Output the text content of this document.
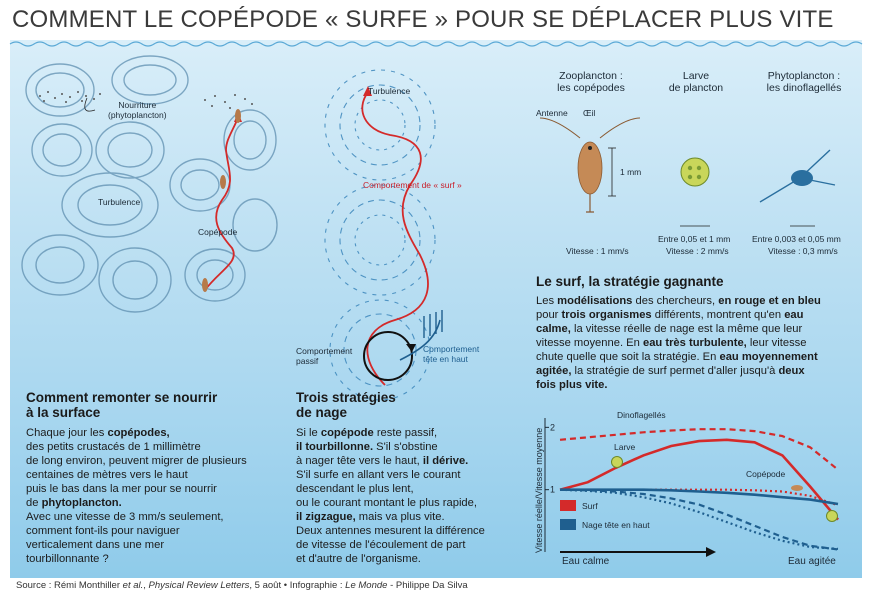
COMMENT LE COPÉPODE « SURFE » POUR SE DÉPLACER PLUS VITE
1
2
Vitesse réelle/Vitesse moyenne
Nourriture
(phytoplancton)
Turbulence
Copépode
Comment remonter se nourrir
à la surface
Chaque jour les copépodes,
des petits crustacés de 1 millimètre
de long environ, peuvent migrer de plusieurs
centaines de mètres vers le haut
puis le bas dans la mer pour se nourrir
de phytoplancton.
Avec une vitesse de 3 mm/s seulement,
comment font-ils pour naviguer
verticalement dans une mer
tourbillonnante ?
Turbulence
Comportement de « surf »
Comportement
passif
Comportement
tête en haut
Trois stratégies
de nage
Si le copépode reste passif,
il tourbillonne. S'il s'obstine
à nager tête vers le haut, il dérive.
S'il surfe en allant vers le courant
descendant le plus lent,
ou le courant montant le plus rapide,
il zigzague, mais va plus vite.
Deux antennes mesurent la différence
de vitesse de l'écoulement de part
et d'autre de l'organisme.
Zooplancton :
les copépodes
Larve
de plancton
Phytoplancton :
les dinoflagellés
Antenne Œil
1 mm
Vitesse : 1 mm/s
Entre 0,05 et 1 mm
Vitesse : 2 mm/s
Entre 0,003 et 0,05 mm
Vitesse : 0,3 mm/s
Le surf, la stratégie gagnante
Les modélisations des chercheurs, en rouge et en bleu
pour trois organismes différents, montrent qu'en eau
calme, la vitesse réelle de nage est la même que leur
vitesse moyenne. En eau très turbulente, leur vitesse
chute quelle que soit la stratégie. En eau moyennement
agitée, la stratégie de surf permet d'aller jusqu'à deux
fois plus vite.
Dinoflagellés
Larve
Copépode
Surf
Nage tête en haut
Eau calme	Eau agitée
Source : Rémi Monthiller et al., Physical Review Letters, 5 août • Infographie : Le Monde - Philippe Da Silva
